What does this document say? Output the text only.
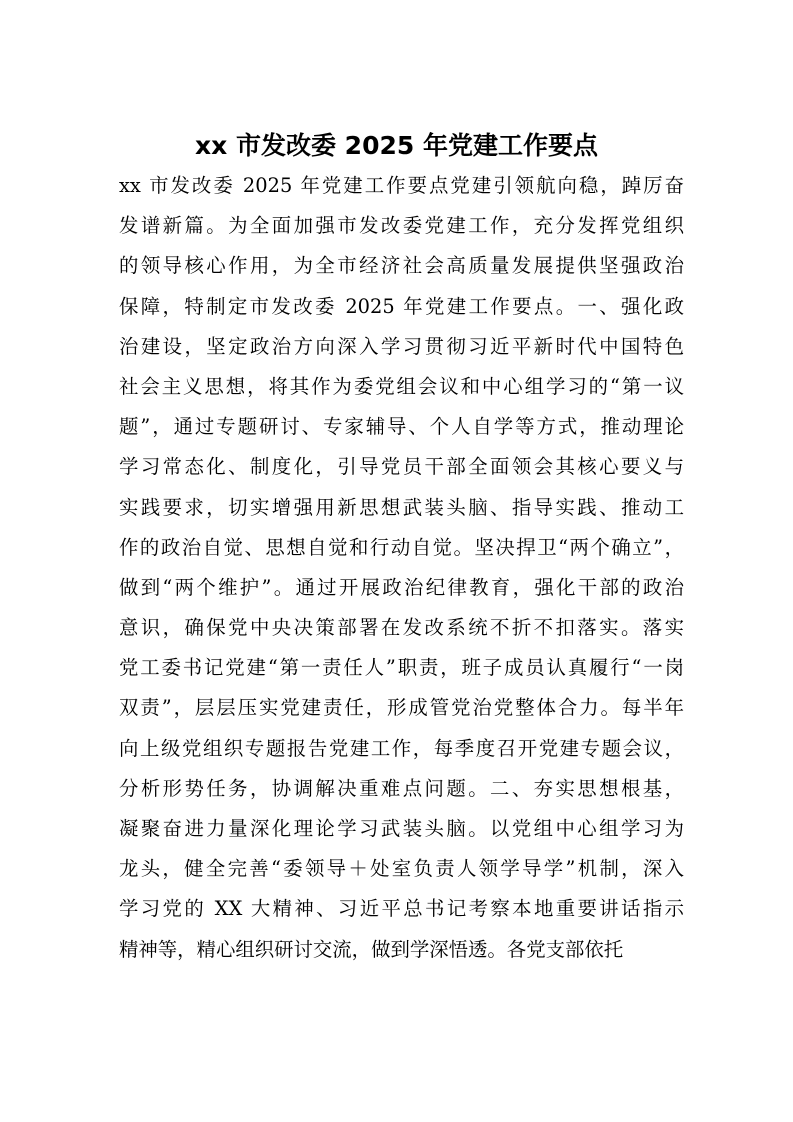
xx 市发改委 2025 年党建工作要点
xx 市发改委 2025 年党建工作要点党建引领航向稳，踔厉奋
发谱新篇。为全面加强市发改委党建工作，充分发挥党组织
的领导核心作用，为全市经济社会高质量发展提供坚强政治
保障，特制定市发改委 2025 年党建工作要点。一、强化政
治建设，坚定政治方向深入学习贯彻习近平新时代中国特色
社会主义思想，将其作为委党组会议和中心组学习的“第一议
题”，通过专题研讨、专家辅导、个人自学等方式，推动理论
学习常态化、制度化，引导党员干部全面领会其核心要义与
实践要求，切实增强用新思想武装头脑、指导实践、推动工
作的政治自觉、思想自觉和行动自觉。坚决捍卫“两个确立”，
做到“两个维护”。通过开展政治纪律教育，强化干部的政治
意识，确保党中央决策部署在发改系统不折不扣落实。落实
党工委书记党建“第一责任人”职责，班子成员认真履行“一岗
双责”，层层压实党建责任，形成管党治党整体合力。每半年
向上级党组织专题报告党建工作，每季度召开党建专题会议，
分析形势任务，协调解决重难点问题。二、夯实思想根基，
凝聚奋进力量深化理论学习武装头脑。以党组中心组学习为
龙头，健全完善“委领导＋处室负责人领学导学”机制，深入
学习党的 XX 大精神、习近平总书记考察本地重要讲话指示
精神等，精心组织研讨交流，做到学深悟透。各党支部依托
